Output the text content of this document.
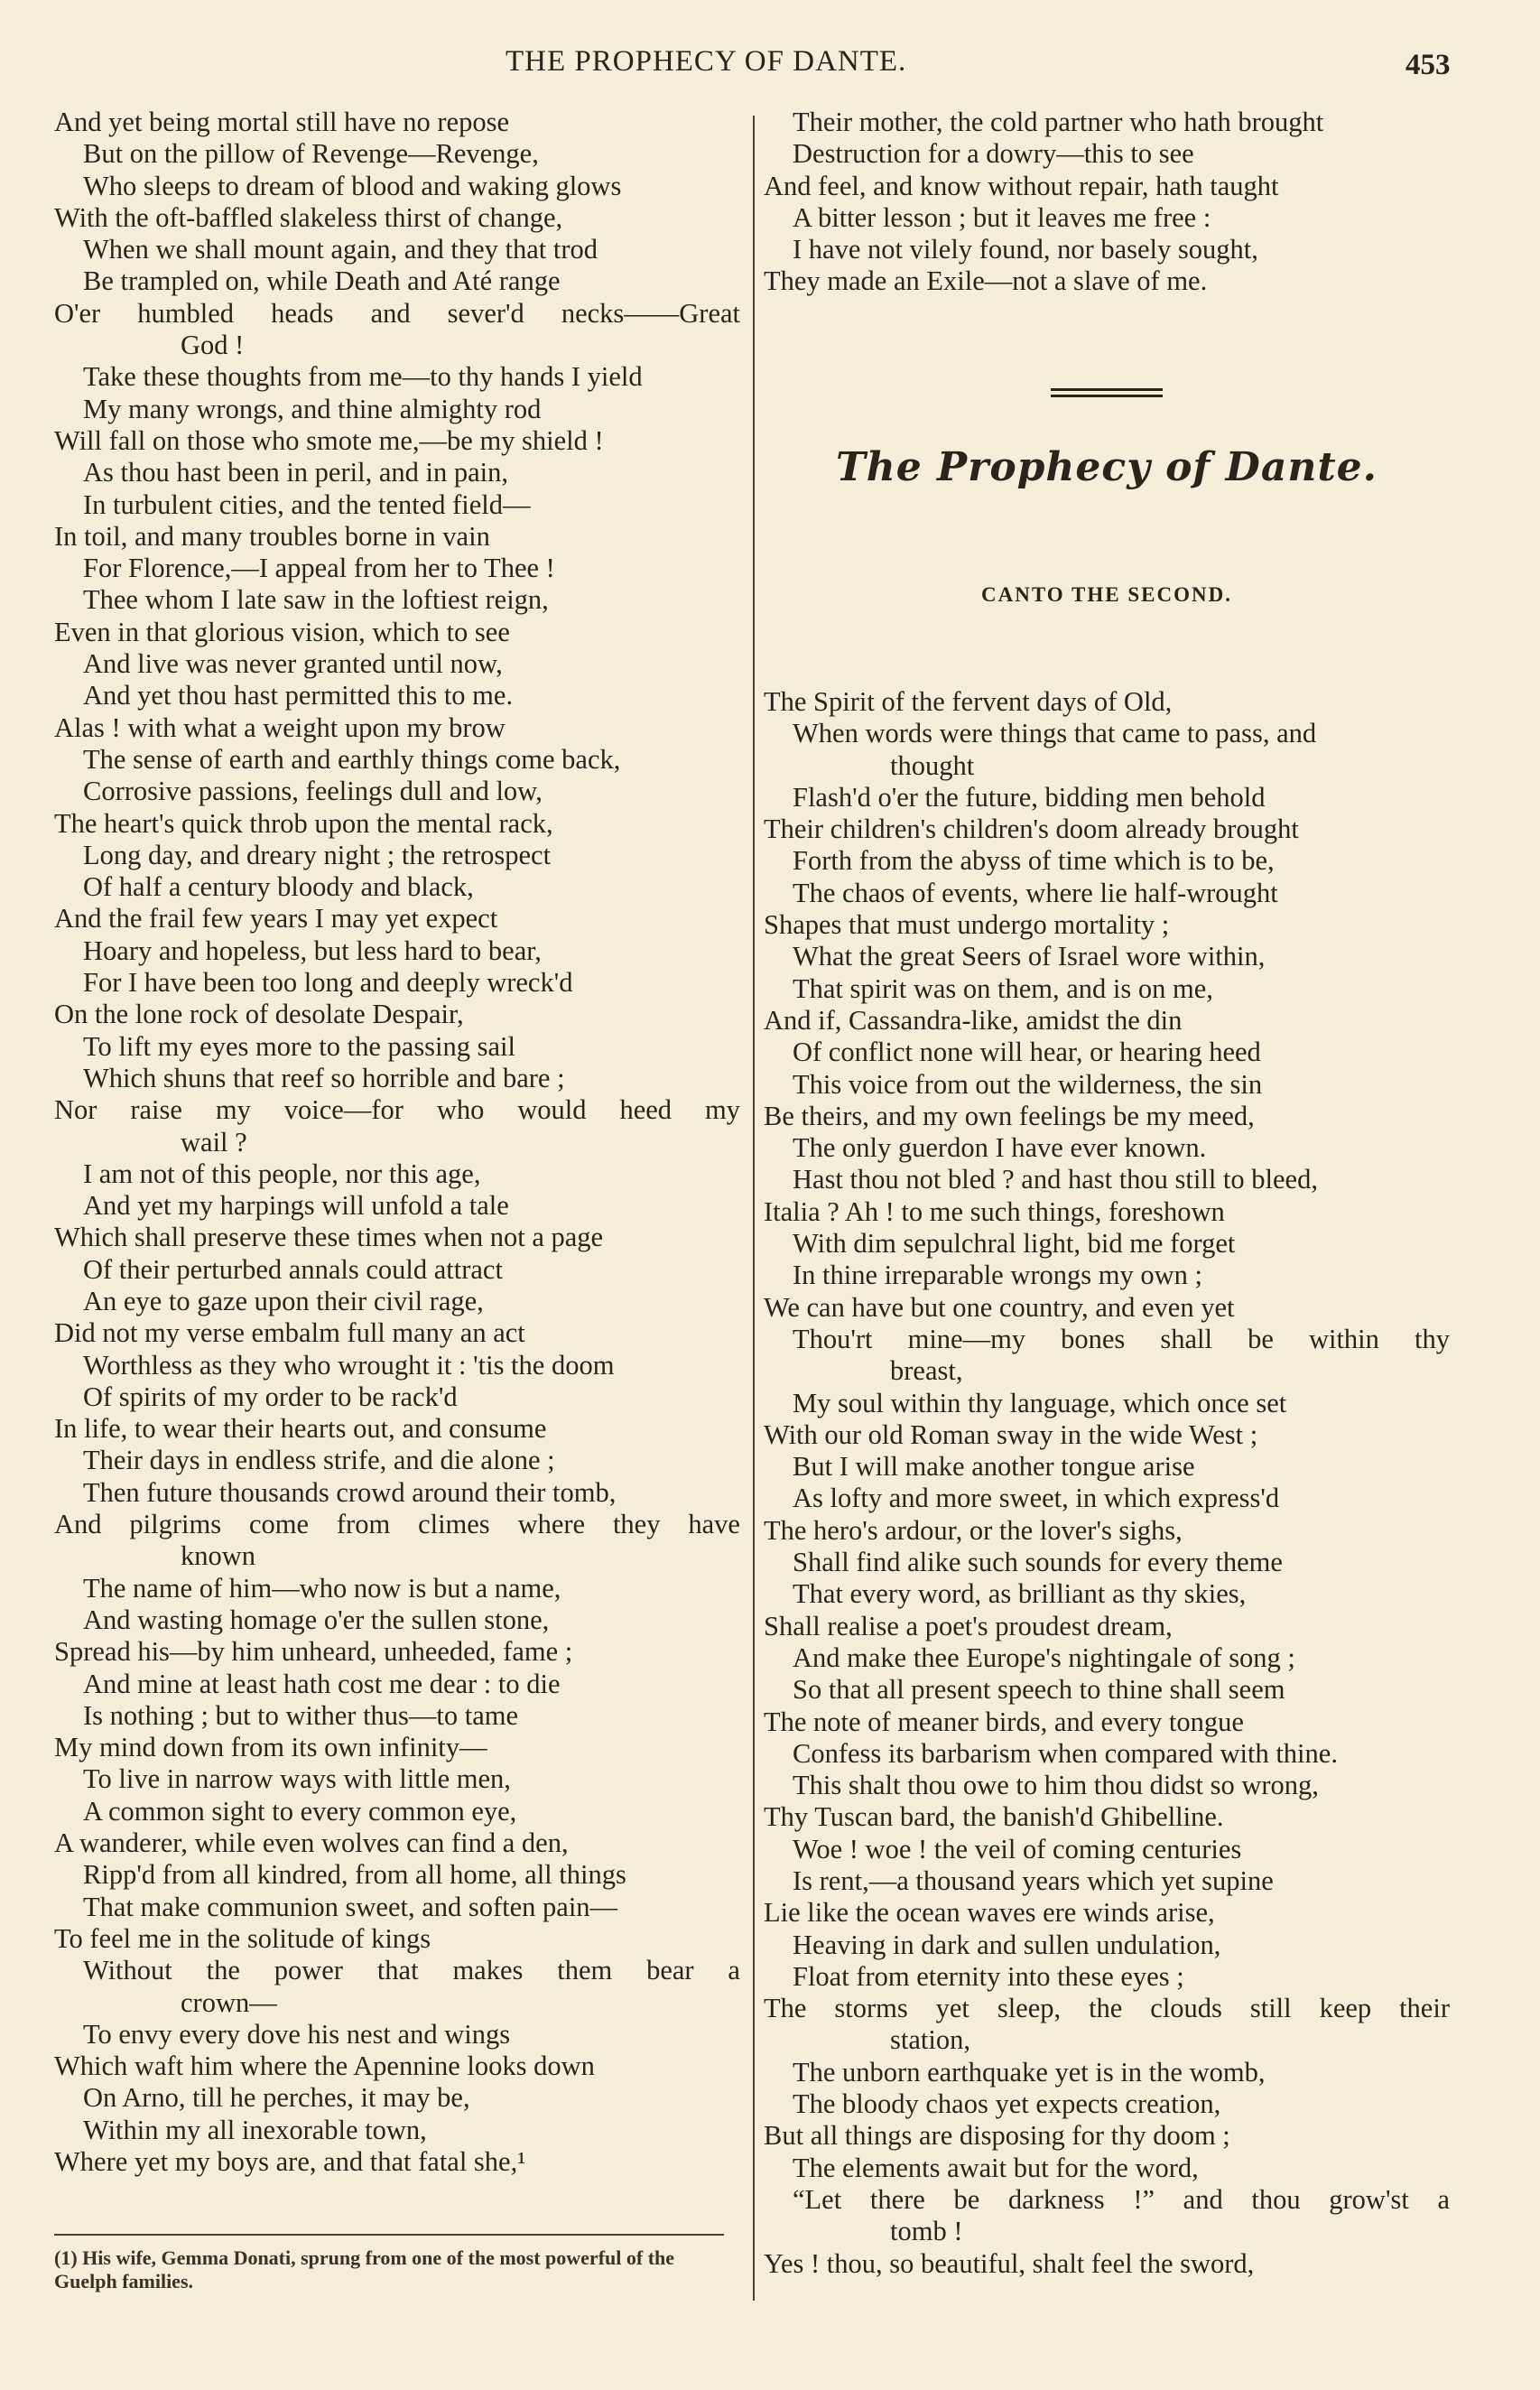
THE PROPHECY OF DANTE.	453
And yet being mortal still have no repose
But on the pillow of Revenge—Revenge,
Who sleeps to dream of blood and waking glows
With the oft-baffled slakeless thirst of change,
When we shall mount again, and they that trod
Be trampled on, while Death and Até range
O'er humbled heads and sever'd necks——Great
God !
Take these thoughts from me—to thy hands I yield
My many wrongs, and thine almighty rod
Will fall on those who smote me,—be my shield !
As thou hast been in peril, and in pain,
In turbulent cities, and the tented field—
In toil, and many troubles borne in vain
For Florence,—I appeal from her to Thee !
Thee whom I late saw in the loftiest reign,
Even in that glorious vision, which to see
And live was never granted until now,
And yet thou hast permitted this to me.
Alas ! with what a weight upon my brow
The sense of earth and earthly things come back,
Corrosive passions, feelings dull and low,
The heart's quick throb upon the mental rack,
Long day, and dreary night ; the retrospect
Of half a century bloody and black,
And the frail few years I may yet expect
Hoary and hopeless, but less hard to bear,
For I have been too long and deeply wreck'd
On the lone rock of desolate Despair,
To lift my eyes more to the passing sail
Which shuns that reef so horrible and bare ;
Nor raise my voice—for who would heed my
wail ?
I am not of this people, nor this age,
And yet my harpings will unfold a tale
Which shall preserve these times when not a page
Of their perturbed annals could attract
An eye to gaze upon their civil rage,
Did not my verse embalm full many an act
Worthless as they who wrought it : 'tis the doom
Of spirits of my order to be rack'd
In life, to wear their hearts out, and consume
Their days in endless strife, and die alone ;
Then future thousands crowd around their tomb,
And pilgrims come from climes where they have
known
The name of him—who now is but a name,
And wasting homage o'er the sullen stone,
Spread his—by him unheard, unheeded, fame ;
And mine at least hath cost me dear : to die
Is nothing ; but to wither thus—to tame
My mind down from its own infinity—
To live in narrow ways with little men,
A common sight to every common eye,
A wanderer, while even wolves can find a den,
Ripp'd from all kindred, from all home, all things
That make communion sweet, and soften pain—
To feel me in the solitude of kings
Without the power that makes them bear a
crown—
To envy every dove his nest and wings
Which waft him where the Apennine looks down
On Arno, till he perches, it may be,
Within my all inexorable town,
Where yet my boys are, and that fatal she,¹
(1) His wife, Gemma Donati, sprung from one of the most powerful of the Guelph families.
Their mother, the cold partner who hath brought
Destruction for a dowry—this to see
And feel, and know without repair, hath taught
A bitter lesson ; but it leaves me free :
I have not vilely found, nor basely sought,
They made an Exile—not a slave of me.
The Prophecy of Dante.
CANTO THE SECOND.
The Spirit of the fervent days of Old,
When words were things that came to pass, and
thought
Flash'd o'er the future, bidding men behold
Their children's children's doom already brought
Forth from the abyss of time which is to be,
The chaos of events, where lie half-wrought
Shapes that must undergo mortality ;
What the great Seers of Israel wore within,
That spirit was on them, and is on me,
And if, Cassandra-like, amidst the din
Of conflict none will hear, or hearing heed
This voice from out the wilderness, the sin
Be theirs, and my own feelings be my meed,
The only guerdon I have ever known.
Hast thou not bled ? and hast thou still to bleed,
Italia ? Ah ! to me such things, foreshown
With dim sepulchral light, bid me forget
In thine irreparable wrongs my own ;
We can have but one country, and even yet
Thou'rt mine—my bones shall be within thy
breast,
My soul within thy language, which once set
With our old Roman sway in the wide West ;
But I will make another tongue arise
As lofty and more sweet, in which express'd
The hero's ardour, or the lover's sighs,
Shall find alike such sounds for every theme
That every word, as brilliant as thy skies,
Shall realise a poet's proudest dream,
And make thee Europe's nightingale of song ;
So that all present speech to thine shall seem
The note of meaner birds, and every tongue
Confess its barbarism when compared with thine.
This shalt thou owe to him thou didst so wrong,
Thy Tuscan bard, the banish'd Ghibelline.
Woe ! woe ! the veil of coming centuries
Is rent,—a thousand years which yet supine
Lie like the ocean waves ere winds arise,
Heaving in dark and sullen undulation,
Float from eternity into these eyes ;
The storms yet sleep, the clouds still keep their
station,
The unborn earthquake yet is in the womb,
The bloody chaos yet expects creation,
But all things are disposing for thy doom ;
The elements await but for the word,
“Let there be darkness !” and thou grow'st a
tomb !
Yes ! thou, so beautiful, shalt feel the sword,
